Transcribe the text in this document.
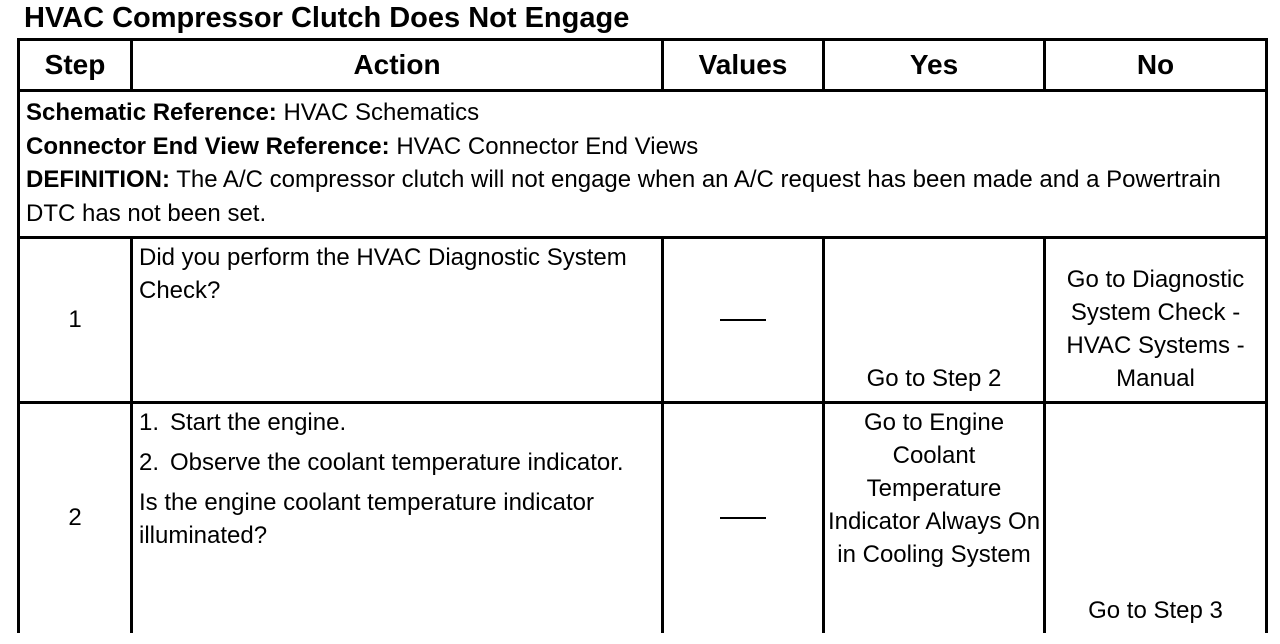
HVAC Compressor Clutch Does Not Engage
Step	Action	Values	Yes	No

Schematic Reference: HVAC Schematics

Connector End View Reference: HVAC Connector End Views

DEFINITION: The A/C compressor clutch will not engage when an A/C request has been made and a Powertrain DTC has not been set.				

1	Did you perform the HVAC Diagnostic System Check?		Go to Step 2	Go to Diagnostic System Check - HVAC Systems - Manual
2	1. Start the engine.
2. Observe the coolant temperature indicator.

Is the engine coolant temperature indicator illuminated?		Go to Engine Coolant Temperature Indicator Always On in Cooling System	Go to Step 3
